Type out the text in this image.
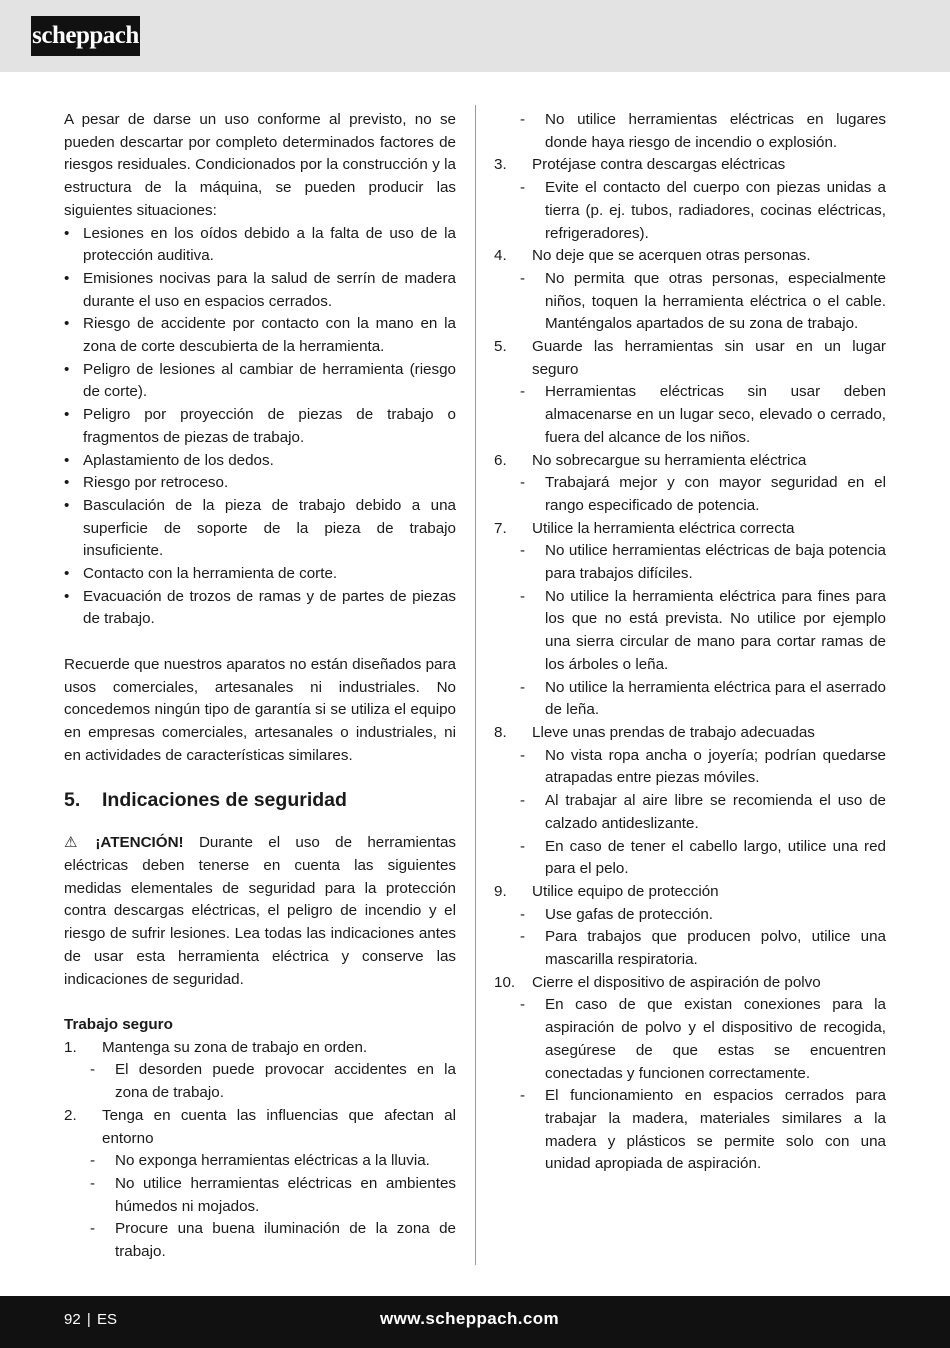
scheppach

A pesar de darse un uso conforme al previsto, no se pueden descartar por completo determinados factores de riesgos residuales. Condicionados por la construcción y la estructura de la máquina, se pueden producir las siguientes situaciones:

• Lesiones en los oídos debido a la falta de uso de la protección auditiva.
• Emisiones nocivas para la salud de serrín de madera durante el uso en espacios cerrados.
• Riesgo de accidente por contacto con la mano en la zona de corte descubierta de la herramienta.
• Peligro de lesiones al cambiar de herramienta (riesgo de corte).
• Peligro por proyección de piezas de trabajo o fragmentos de piezas de trabajo.
• Aplastamiento de los dedos.
• Riesgo por retroceso.
• Basculación de la pieza de trabajo debido a una superficie de soporte de la pieza de trabajo insuficiente.
• Contacto con la herramienta de corte.
• Evacuación de trozos de ramas y de partes de piezas de trabajo.

Recuerde que nuestros aparatos no están diseñados para usos comerciales, artesanales ni industriales. No concedemos ningún tipo de garantía si se utiliza el equipo en empresas comerciales, artesanales o industriales, ni en actividades de características similares.

5. Indicaciones de seguridad

⚠ ¡ATENCIÓN! Durante el uso de herramientas eléctricas deben tenerse en cuenta las siguientes medidas elementales de seguridad para la protección contra descargas eléctricas, el peligro de incendio y el riesgo de sufrir lesiones. Lea todas las indicaciones antes de usar esta herramienta eléctrica y conserve las indicaciones de seguridad.

Trabajo seguro
1. Mantenga su zona de trabajo en orden.
- El desorden puede provocar accidentes en la zona de trabajo.
2. Tenga en cuenta las influencias que afectan al entorno
- No exponga herramientas eléctricas a la lluvia.
- No utilice herramientas eléctricas en ambientes húmedos ni mojados.
- Procure una buena iluminación de la zona de trabajo.
- No utilice herramientas eléctricas en lugares donde haya riesgo de incendio o explosión.
3. Protéjase contra descargas eléctricas
- Evite el contacto del cuerpo con piezas unidas a tierra (p. ej. tubos, radiadores, cocinas eléctricas, refrigeradores).
4. No deje que se acerquen otras personas.
- No permita que otras personas, especialmente niños, toquen la herramienta eléctrica o el cable. Manténgalos apartados de su zona de trabajo.
5. Guarde las herramientas sin usar en un lugar seguro
- Herramientas eléctricas sin usar deben almacenarse en un lugar seco, elevado o cerrado, fuera del alcance de los niños.
6. No sobrecargue su herramienta eléctrica
- Trabajará mejor y con mayor seguridad en el rango especificado de potencia.
7. Utilice la herramienta eléctrica correcta
- No utilice herramientas eléctricas de baja potencia para trabajos difíciles.
- No utilice la herramienta eléctrica para fines para los que no está prevista. No utilice por ejemplo una sierra circular de mano para cortar ramas de los árboles o leña.
- No utilice la herramienta eléctrica para el aserrado de leña.
8. Lleve unas prendas de trabajo adecuadas
- No vista ropa ancha o joyería; podrían quedarse atrapadas entre piezas móviles.
- Al trabajar al aire libre se recomienda el uso de calzado antideslizante.
- En caso de tener el cabello largo, utilice una red para el pelo.
9. Utilice equipo de protección
- Use gafas de protección.
- Para trabajos que producen polvo, utilice una mascarilla respiratoria.
10. Cierre el dispositivo de aspiración de polvo
- En caso de que existan conexiones para la aspiración de polvo y el dispositivo de recogida, asegúrese de que estas se encuentren conectadas y funcionen correctamente.
- El funcionamiento en espacios cerrados para trabajar la madera, materiales similares a la madera y plásticos se permite solo con una unidad apropiada de aspiración.
92 | ES	www.scheppach.com
